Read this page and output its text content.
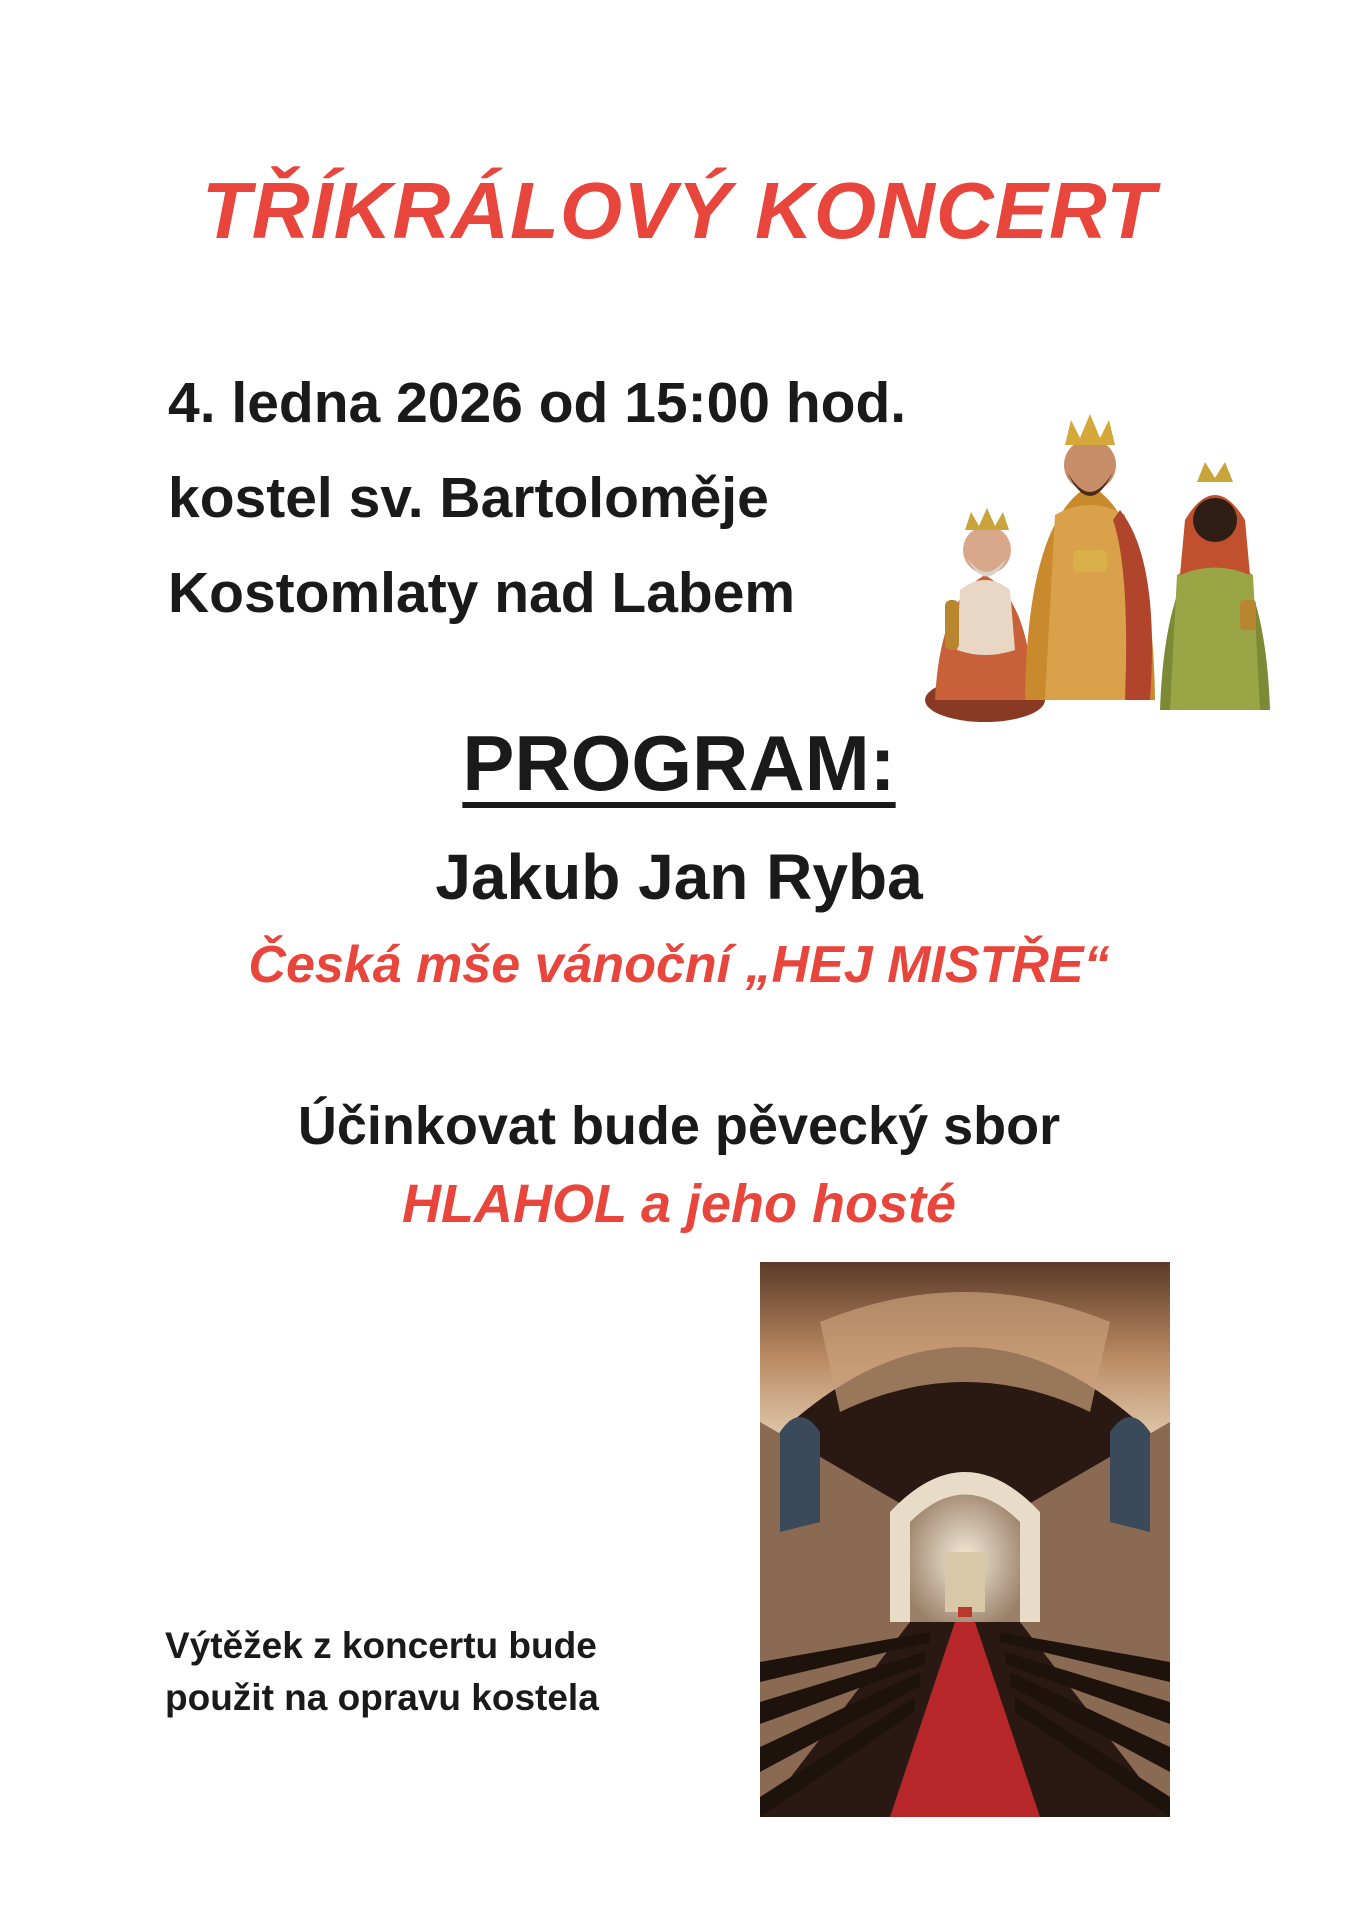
TŘÍKRÁLOVÝ KONCERT
4. ledna 2026 od 15:00 hod.
kostel sv. Bartoloměje
Kostomlaty nad Labem
PROGRAM:
Jakub Jan Ryba
Česká mše vánoční „HEJ MISTŘE“
Účinkovat bude pěvecký sbor
HLAHOL a jeho hosté
Výtěžek z koncertu bude
použit na opravu kostela
